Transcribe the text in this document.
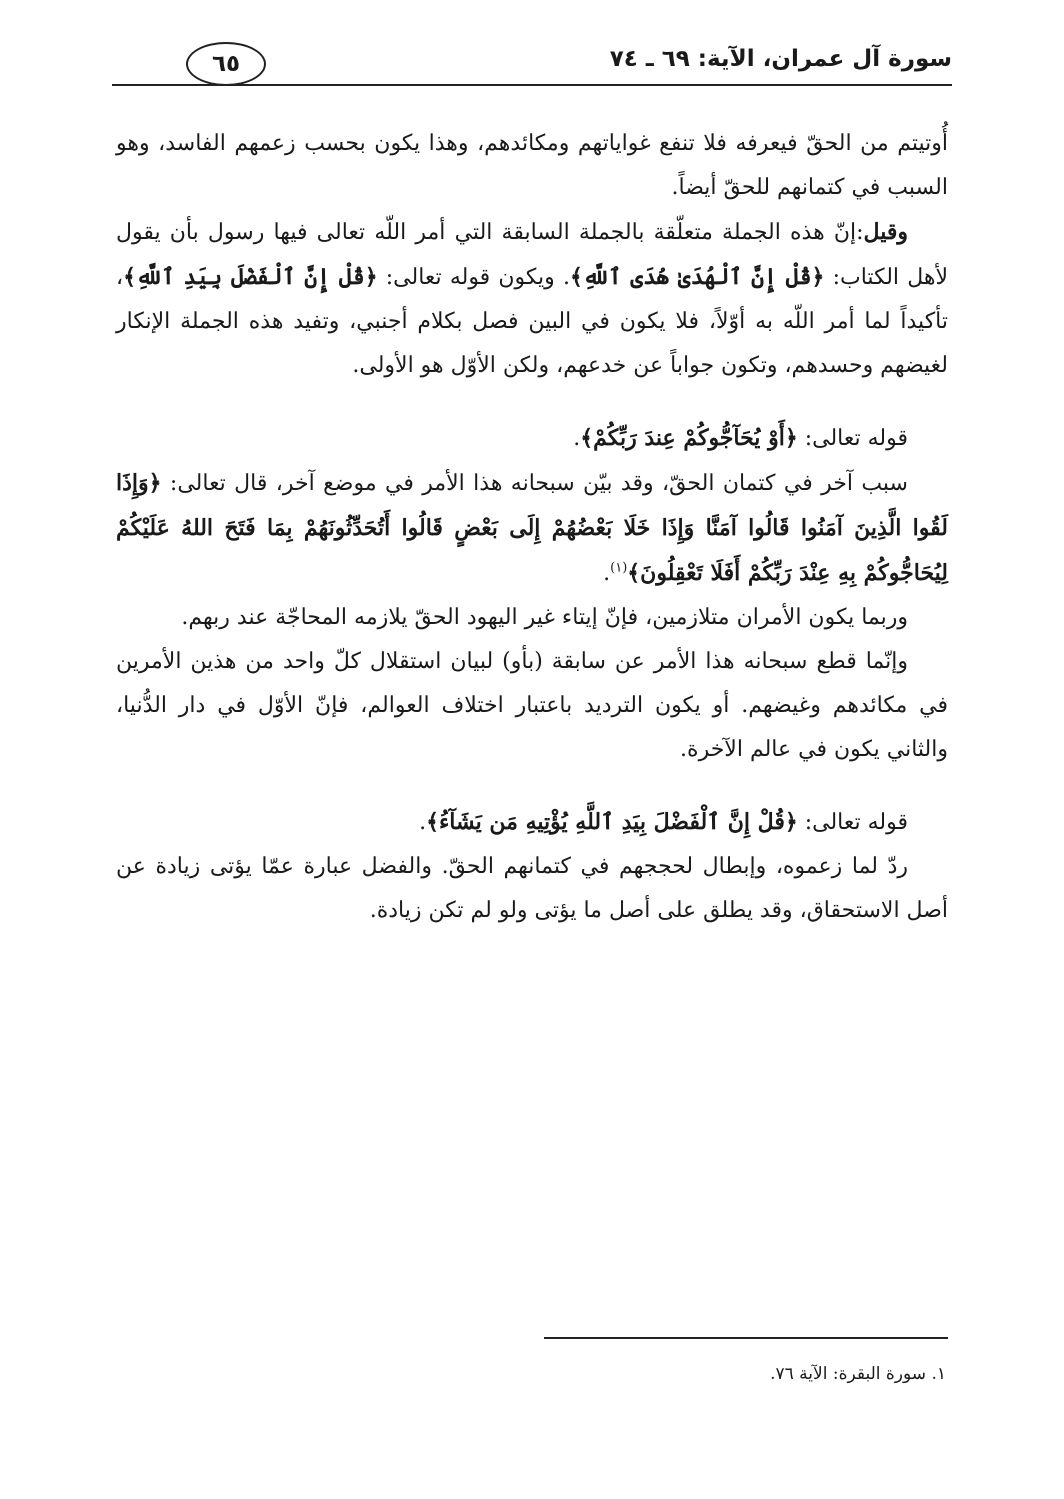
سورة آل عمران، الآية: ٦٩ ـ ٧٤
٦٥

أُوتيتم من الحقّ فيعرفه فلا تنفع غواياتهم ومكائدهم، وهذا يكون بحسب زعمهم الفاسد، وهو السبب في كتمانهم للحقّ أيضاً.

وقيل:إنّ هذه الجملة متعلّقة بالجملة السابقة التي أمر اللّه تعالى فيها رسول بأن يقول لأهل الكتاب: ﴿قُلْ إِنَّ ٱلْهُدَىٰ هُدَى ٱللَّهِ﴾. ويكون قوله تعالى: ﴿قُلْ إِنَّ ٱلْفَضْلَ بِيَدِ ٱللَّهِ﴾، تأكيداً لما أمر اللّه به أوّلاً، فلا يكون في البين فصل بكلام أجنبي، وتفيد هذه الجملة الإنكار لغيضهم وحسدهم، وتكون جواباً عن خدعهم، ولكن الأوّل هو الأولى.

قوله تعالى: ﴿أَوْ يُحَآجُّوكُمْ عِندَ رَبِّكُمْ﴾.

سبب آخر في كتمان الحقّ، وقد بيّن سبحانه هذا الأمر في موضع آخر، قال تعالى: ﴿وَإِذَا لَقُوا الَّذِينَ آمَنُوا قَالُوا آمَنَّا وَإِذَا خَلَا بَعْضُهُمْ إِلَى بَعْضٍ قَالُوا أَتُحَدِّثُونَهُمْ بِمَا فَتَحَ اللهُ عَلَيْكُمْ لِيُحَاجُّوكُمْ بِهِ عِنْدَ رَبِّكُمْ أَفَلَا تَعْقِلُونَ﴾$^{(١)}$.

وربما يكون الأمران متلازمين، فإنّ إيتاء غير اليهود الحقّ يلازمه المحاجّة عند ربهم.

وإنّما قطع سبحانه هذا الأمر عن سابقة (بأو) لبيان استقلال كلّ واحد من هذين الأمرين في مكائدهم وغيضهم. أو يكون الترديد باعتبار اختلاف العوالم، فإنّ الأوّل في دار الدُّنيا، والثاني يكون في عالم الآخرة.

قوله تعالى: ﴿قُلْ إِنَّ ٱلْفَضْلَ بِيَدِ ٱللَّهِ يُؤْتِيهِ مَن يَشَآءُ﴾.

ردّ لما زعموه، وإبطال لحججهم في كتمانهم الحقّ. والفضل عبارة عمّا يؤتى زيادة عن أصل الاستحقاق، وقد يطلق على أصل ما يؤتى ولو لم تكن زيادة.

١. سورة البقرة: الآية ٧٦.
